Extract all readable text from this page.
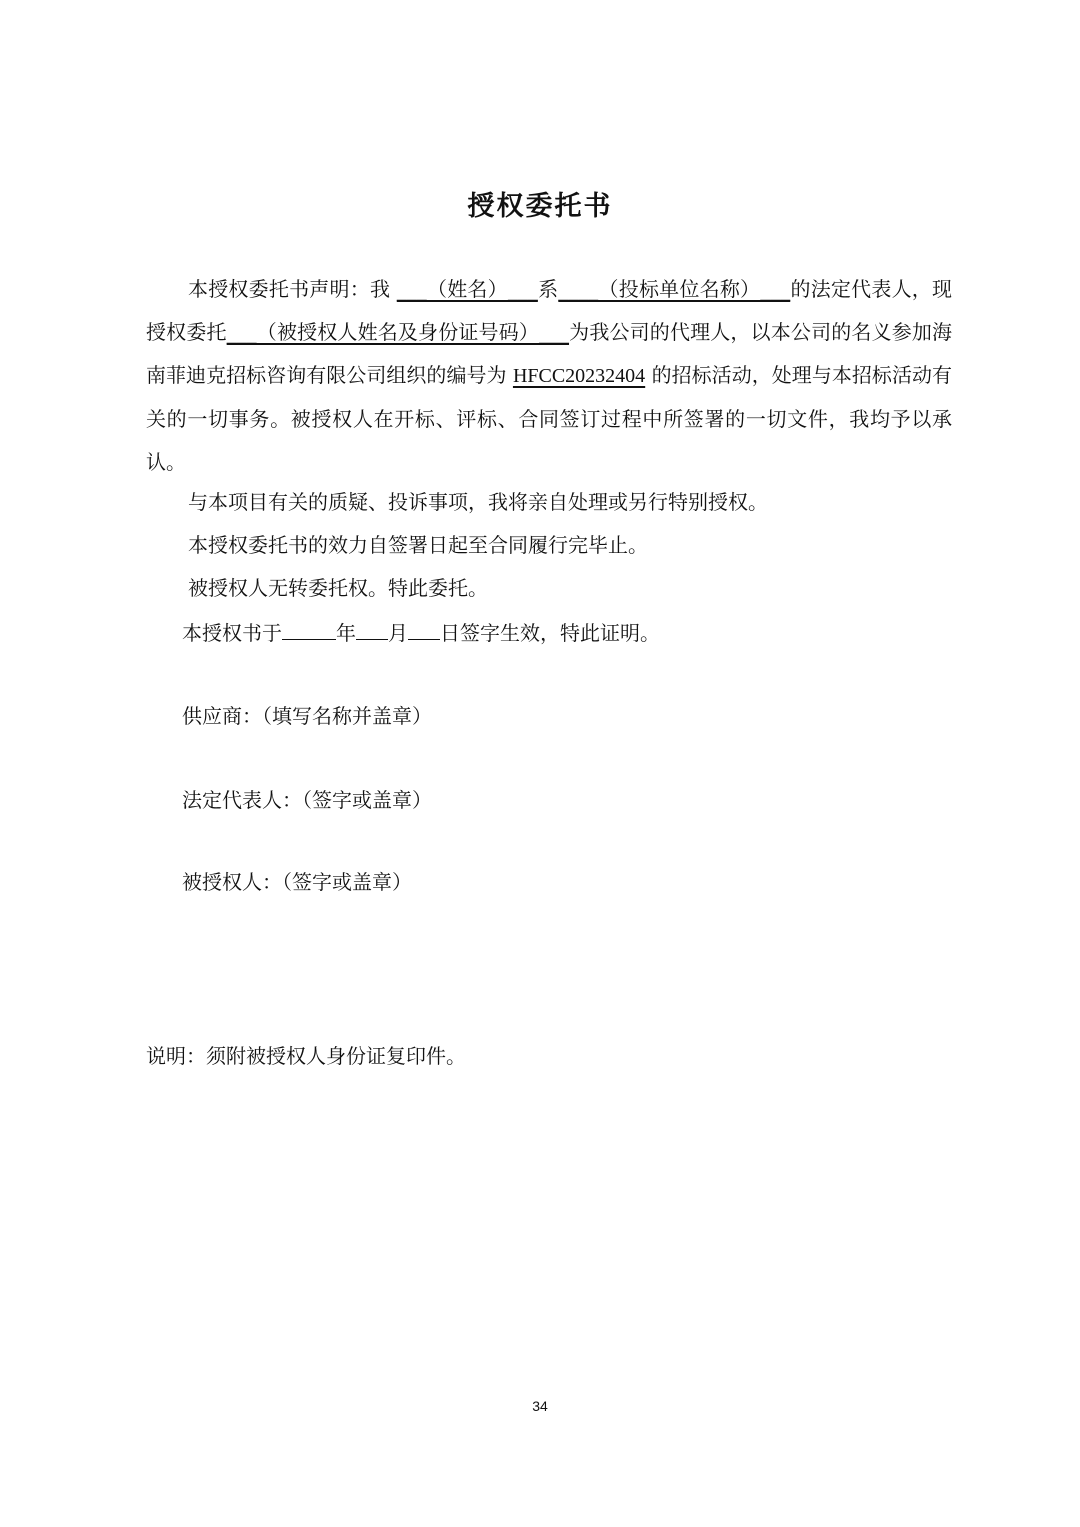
授权委托书

本授权委托书声明：我 ___（姓名）___系____（投标单位名称）___的法定代表人，现授权委托___（被授权人姓名及身份证号码）___为我公司的代理人，以本公司的名义参加海南菲迪克招标咨询有限公司组织的编号为 HFCC20232404 的招标活动，处理与本招标活动有关的一切事务。被授权人在开标、评标、合同签订过程中所签署的一切文件，我均予以承认。

与本项目有关的质疑、投诉事项，我将亲自处理或另行特别授权。

本授权委托书的效力自签署日起至合同履行完毕止。

被授权人无转委托权。特此委托。

本授权书于	年 月 日签字生效，特此证明。
供应商：（填写名称并盖章）
法定代表人：（签字或盖章）
被授权人：（签字或盖章）
说明：须附被授权人身份证复印件。
34
